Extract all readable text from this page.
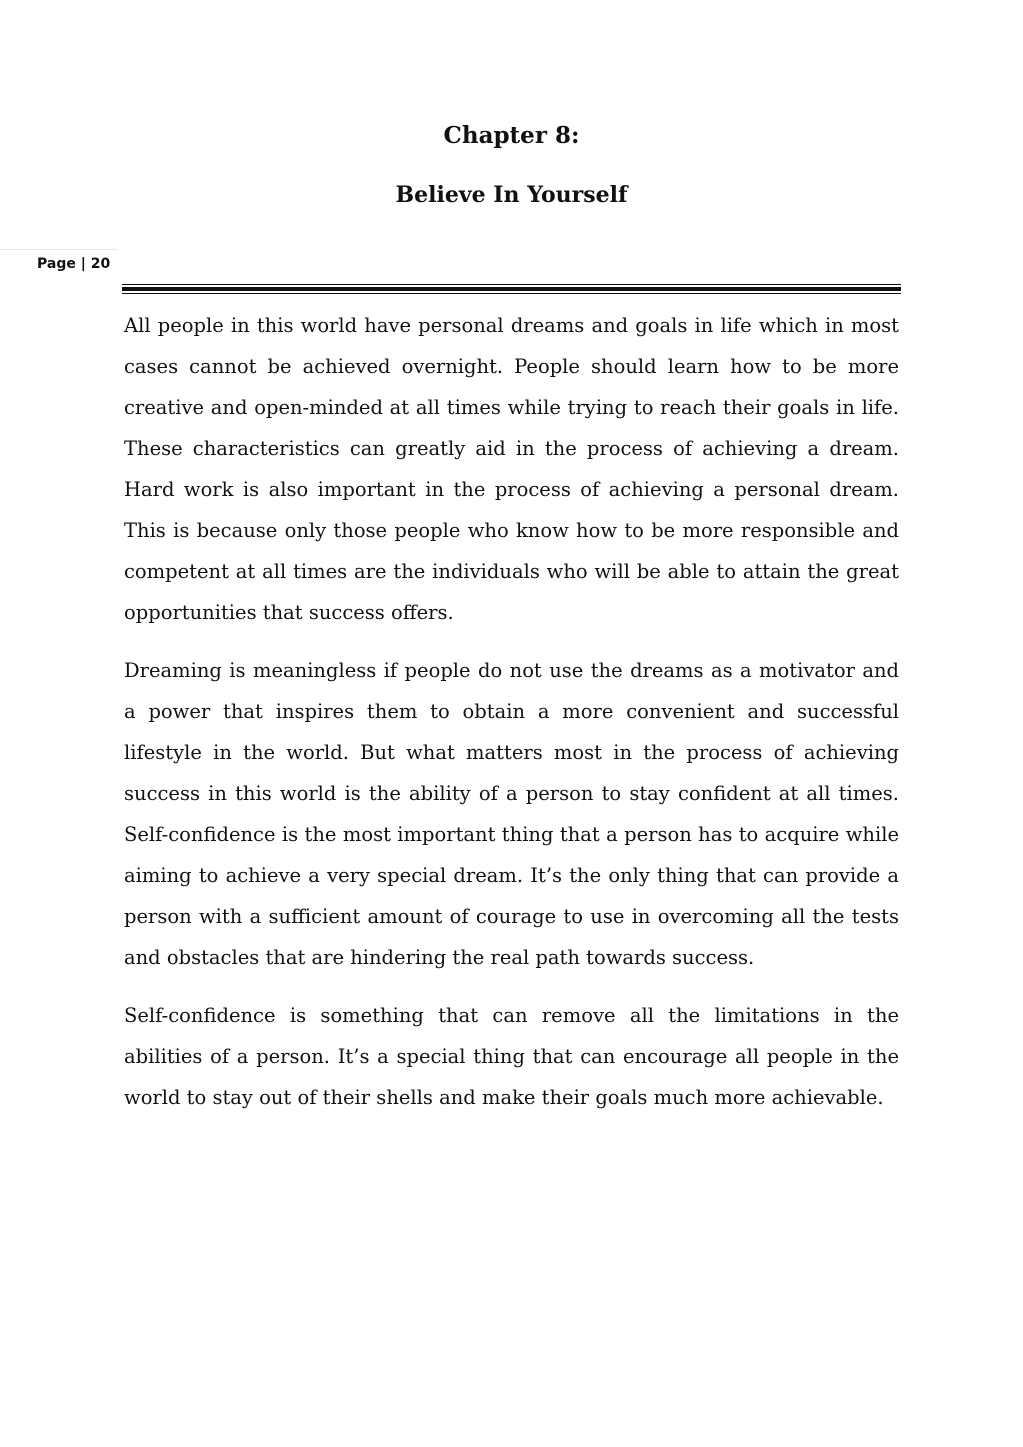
Chapter 8:
Believe In Yourself
Page | 20

All people in this world have personal dreams and goals in life which in most cases cannot be achieved overnight. People should learn how to be more creative and open-minded at all times while trying to reach their goals in life. These characteristics can greatly aid in the process of achieving a dream. Hard work is also important in the process of achieving a personal dream. This is because only those people who know how to be more responsible and competent at all times are the individuals who will be able to attain the great opportunities that success offers.

Dreaming is meaningless if people do not use the dreams as a motivator and a power that inspires them to obtain a more convenient and successful lifestyle in the world. But what matters most in the process of achieving success in this world is the ability of a person to stay confident at all times. Self-confidence is the most important thing that a person has to acquire while aiming to achieve a very special dream. It’s the only thing that can provide a person with a sufficient amount of courage to use in overcoming all the tests and obstacles that are hindering the real path towards success.

Self-confidence is something that can remove all the limitations in the abilities of a person. It’s a special thing that can encourage all people in the world to stay out of their shells and make their goals much more achievable.
